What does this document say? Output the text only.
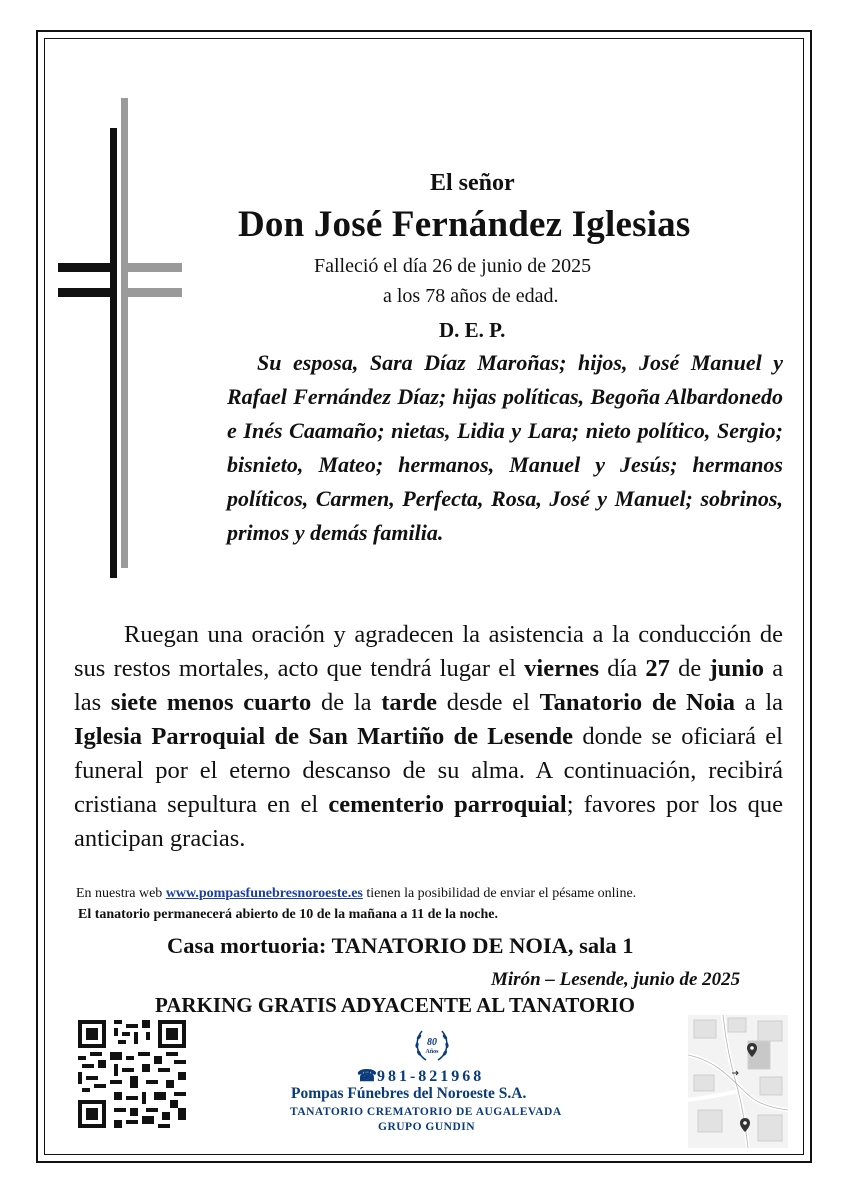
El señor
Don José Fernández Iglesias
Falleció el día 26 de junio de 2025
a los 78 años de edad.
D. E. P.
Su esposa, Sara Díaz Maroñas; hijos, José Manuel y Rafael Fernández Díaz; hijas políticas, Begoña Albardonedo e Inés Caamaño; nietas, Lidia y Lara; nieto político, Sergio; bisnieto, Mateo; hermanos, Manuel y Jesús; hermanos políticos, Carmen, Perfecta, Rosa, José y Manuel; sobrinos, primos y demás familia.
Ruegan una oración y agradecen la asistencia a la conducción de sus restos mortales, acto que tendrá lugar el viernes día 27 de junio a las siete menos cuarto de la tarde desde el Tanatorio de Noia a la Iglesia Parroquial de San Martiño de Lesende donde se oficiará el funeral por el eterno descanso de su alma. A continuación, recibirá cristiana sepultura en el cementerio parroquial; favores por los que anticipan gracias.
En nuestra web www.pompasfunebresnoroeste.es tienen la posibilidad de enviar el pésame online.
El tanatorio permanecerá abierto de 10 de la mañana a 11 de la noche.
Casa mortuoria: TANATORIO DE NOIA, sala 1
Mirón – Lesende, junio de 2025
PARKING GRATIS ADYACENTE AL TANATORIO
80
Años
☎981-821968
Pompas Fúnebres del Noroeste S.A.
TANATORIO CREMATORIO DE AUGALEVADA
GRUPO GUNDIN
